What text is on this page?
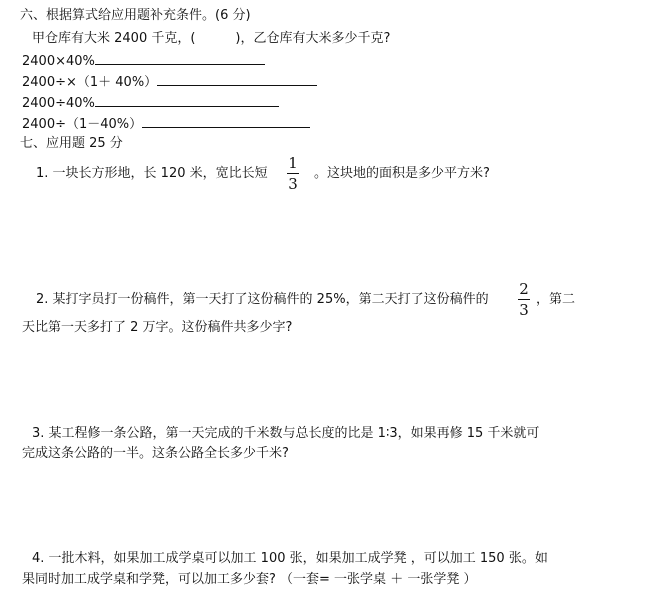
六、根据算式给应用题补充条件。(6 分)
甲仓库有大米 2400 千克，(	)，乙仓库有大米多少千克?
2400×40%
2400÷×（1＋ 40%）
2400÷40%
2400÷（1－40%）
七、应用题 25 分
1. 一块长方形地，长 120 米，宽比长短
1
3
。这块地的面积是多少平方米?
2. 某打字员打一份稿件，第一天打了这份稿件的 25%，第二天打了这份稿件的
2
3
，第二
天比第一天多打了 2 万字。这份稿件共多少字?
3. 某工程修一条公路，第一天完成的千米数与总长度的比是 1∶3，如果再修 15 千米就可
完成这条公路的一半。这条公路全长多少千米?
4. 一批木料，如果加工成学桌可以加工 100 张，如果加工成学凳 ，可以加工 150 张。如
果同时加工成学桌和学凳，可以加工多少套? （一套= 一张学桌 ＋ 一张学凳 ）
